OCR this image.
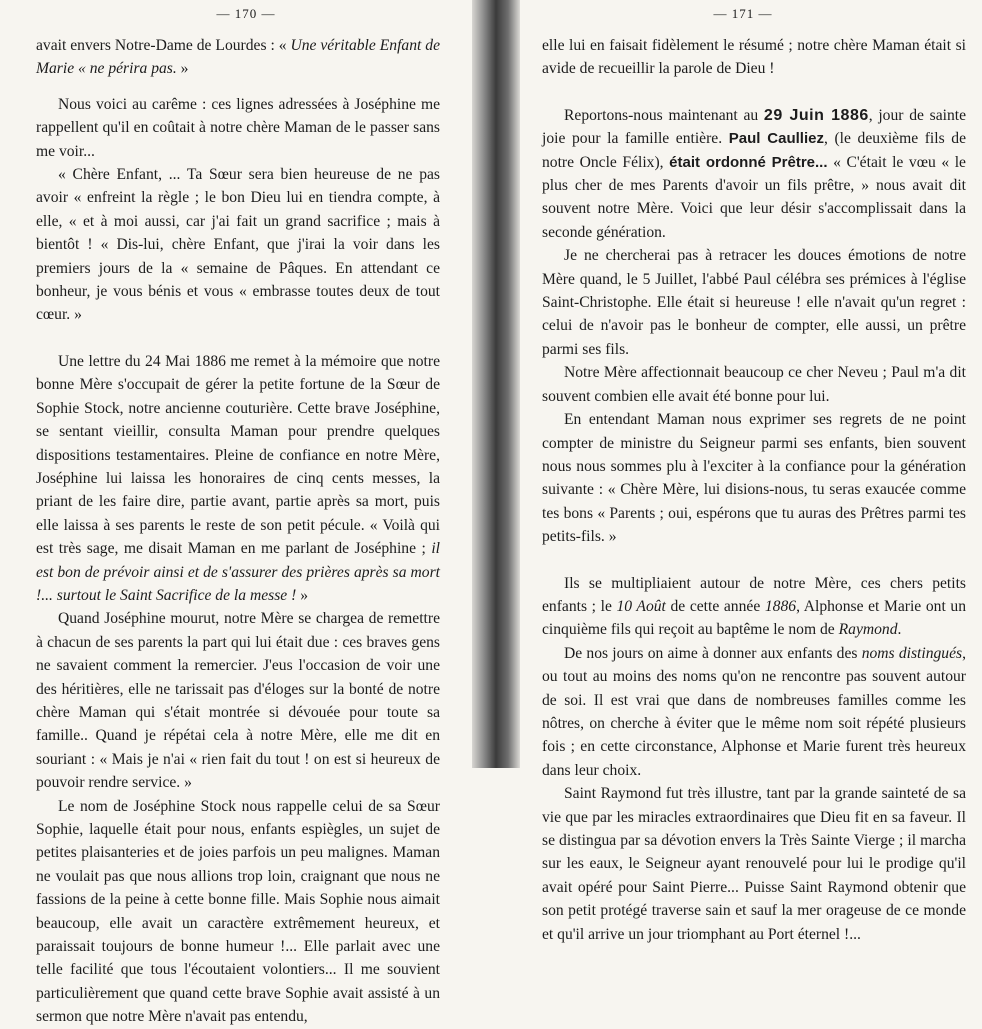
— 170 —

avait envers Notre-Dame de Lourdes : « Une véritable Enfant de Marie « ne périra pas. »

Nous voici au carême : ces lignes adressées à Joséphine me rappellent qu'il en coûtait à notre chère Maman de le passer sans me voir...

« Chère Enfant, ... Ta Sœur sera bien heureuse de ne pas avoir « enfreint la règle ; le bon Dieu lui en tiendra compte, à elle, « et à moi aussi, car j'ai fait un grand sacrifice ; mais à bientôt ! « Dis-lui, chère Enfant, que j'irai la voir dans les premiers jours de la « semaine de Pâques. En attendant ce bonheur, je vous bénis et vous « embrasse toutes deux de tout cœur. »

Une lettre du 24 Mai 1886 me remet à la mémoire que notre bonne Mère s'occupait de gérer la petite fortune de la Sœur de Sophie Stock, notre ancienne couturière. Cette brave Joséphine, se sentant vieillir, consulta Maman pour prendre quelques dispositions testamentaires. Pleine de confiance en notre Mère, Joséphine lui laissa les honoraires de cinq cents messes, la priant de les faire dire, partie avant, partie après sa mort, puis elle laissa à ses parents le reste de son petit pécule. « Voilà qui est très sage, me disait Maman en me parlant de Joséphine ; il est bon de prévoir ainsi et de s'assurer des prières après sa mort !... surtout le Saint Sacrifice de la messe ! »

Quand Joséphine mourut, notre Mère se chargea de remettre à chacun de ses parents la part qui lui était due : ces braves gens ne savaient comment la remercier. J'eus l'occasion de voir une des héritières, elle ne tarissait pas d'éloges sur la bonté de notre chère Maman qui s'était montrée si dévouée pour toute sa famille.. Quand je répétai cela à notre Mère, elle me dit en souriant : « Mais je n'ai « rien fait du tout ! on est si heureux de pouvoir rendre service. »

Le nom de Joséphine Stock nous rappelle celui de sa Sœur Sophie, laquelle était pour nous, enfants espiègles, un sujet de petites plaisanteries et de joies parfois un peu malignes. Maman ne voulait pas que nous allions trop loin, craignant que nous ne fassions de la peine à cette bonne fille. Mais Sophie nous aimait beaucoup, elle avait un caractère extrêmement heureux, et paraissait toujours de bonne humeur !... Elle parlait avec une telle facilité que tous l'écoutaient volontiers... Il me souvient particulièrement que quand cette brave Sophie avait assisté à un sermon que notre Mère n'avait pas entendu,

— 171 —

elle lui en faisait fidèlement le résumé ; notre chère Maman était si avide de recueillir la parole de Dieu !

Reportons-nous maintenant au 29 Juin 1886, jour de sainte joie pour la famille entière. Paul Caulliez, (le deuxième fils de notre Oncle Félix), était ordonné Prêtre... « C'était le vœu « le plus cher de mes Parents d'avoir un fils prêtre, » nous avait dit souvent notre Mère. Voici que leur désir s'accomplissait dans la seconde génération.

Je ne chercherai pas à retracer les douces émotions de notre Mère quand, le 5 Juillet, l'abbé Paul célébra ses prémices à l'église Saint-Christophe. Elle était si heureuse ! elle n'avait qu'un regret : celui de n'avoir pas le bonheur de compter, elle aussi, un prêtre parmi ses fils.

Notre Mère affectionnait beaucoup ce cher Neveu ; Paul m'a dit souvent combien elle avait été bonne pour lui.

En entendant Maman nous exprimer ses regrets de ne point compter de ministre du Seigneur parmi ses enfants, bien souvent nous nous sommes plu à l'exciter à la confiance pour la génération suivante : « Chère Mère, lui disions-nous, tu seras exaucée comme tes bons « Parents ; oui, espérons que tu auras des Prêtres parmi tes petits-fils. »

Ils se multipliaient autour de notre Mère, ces chers petits enfants ; le 10 Août de cette année 1886, Alphonse et Marie ont un cinquième fils qui reçoit au baptême le nom de Raymond.

De nos jours on aime à donner aux enfants des noms distingués, ou tout au moins des noms qu'on ne rencontre pas souvent autour de soi. Il est vrai que dans de nombreuses familles comme les nôtres, on cherche à éviter que le même nom soit répété plusieurs fois ; en cette circonstance, Alphonse et Marie furent très heureux dans leur choix.

Saint Raymond fut très illustre, tant par la grande sainteté de sa vie que par les miracles extraordinaires que Dieu fit en sa faveur. Il se distingua par sa dévotion envers la Très Sainte Vierge ; il marcha sur les eaux, le Seigneur ayant renouvelé pour lui le prodige qu'il avait opéré pour Saint Pierre... Puisse Saint Raymond obtenir que son petit protégé traverse sain et sauf la mer orageuse de ce monde et qu'il arrive un jour triomphant au Port éternel !...
